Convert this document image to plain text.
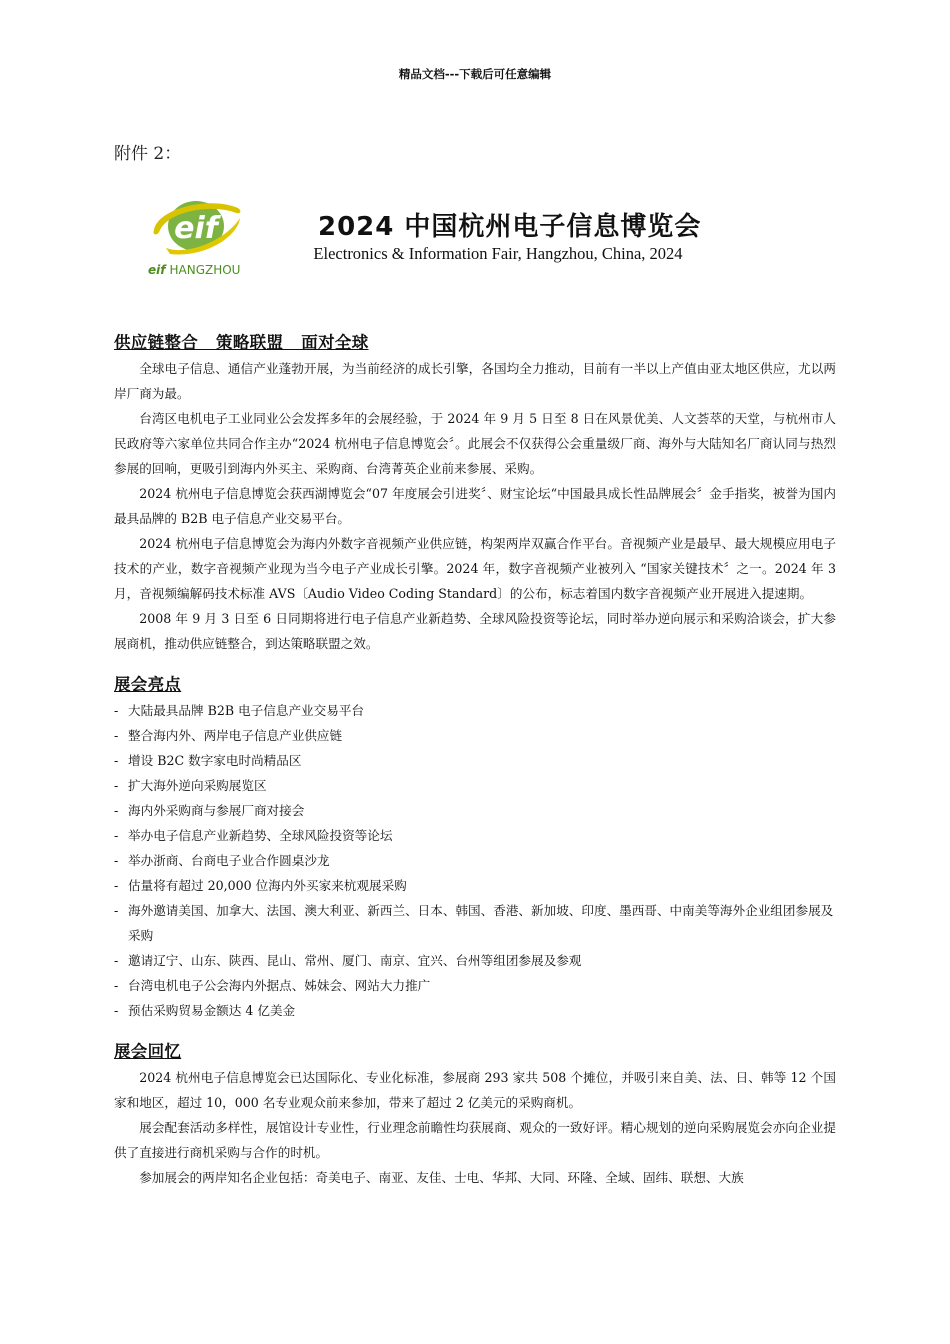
精品文档---下载后可任意编辑
附件 2：
eif
eif HANGZHOU
2024 中国杭州电子信息博览会
Electronics & Information Fair, Hangzhou, China, 2024
供应链整合 策略联盟 面对全球

全球电子信息、通信产业蓬勃开展，为当前经济的成长引擎，各国均全力推动，目前有一半以上产值由亚太地区供应，尤以两岸厂商为最。

台湾区电机电子工业同业公会发挥多年的会展经验，于 2024 年 9 月 5 日至 8 日在风景优美、人文荟萃的天堂，与杭州市人民政府等六家单位共同合作主办“2024 杭州电子信息博览会〞。此展会不仅获得公会重量级厂商、海外与大陆知名厂商认同与热烈参展的回响，更吸引到海内外买主、采购商、台湾菁英企业前来参展、采购。

2024 杭州电子信息博览会获西湖博览会“07 年度展会引进奖〞、财宝论坛“中国最具成长性品牌展会〞金手指奖，被誉为国内最具品牌的 B2B 电子信息产业交易平台。

2024 杭州电子信息博览会为海内外数字音视频产业供应链，构架两岸双赢合作平台。音视频产业是最早、最大规模应用电子技术的产业，数字音视频产业现为当今电子产业成长引擎。2024 年，数字音视频产业被列入 “国家关键技术〞之一。2024 年 3 月，音视频编解码技术标准 AVS〔Audio Video Coding Standard〕的公布，标志着国内数字音视频产业开展进入提速期。

2008 年 9 月 3 日至 6 日同期将进行电子信息产业新趋势、全球风险投资等论坛，同时举办逆向展示和采购洽谈会，扩大参展商机，推动供应链整合，到达策略联盟之效。

展会亮点
- 大陆最具品牌 B2B 电子信息产业交易平台
- 整合海内外、两岸电子信息产业供应链
- 增设 B2C 数字家电时尚精品区
- 扩大海外逆向采购展览区
- 海内外采购商与参展厂商对接会
- 举办电子信息产业新趋势、全球风险投资等论坛
- 举办浙商、台商电子业合作圆桌沙龙
- 估量将有超过 20,000 位海内外买家来杭观展采购
- 海外邀请美国、加拿大、法国、澳大利亚、新西兰、日本、韩国、香港、新加坡、印度、墨西哥、中南美等海外企业组团参展及采购
- 邀请辽宁、山东、陕西、昆山、常州、厦门、南京、宜兴、台州等组团参展及参观
- 台湾电机电子公会海内外据点、姊妹会、网站大力推广
- 预估采购贸易金额达 4 亿美金
展会回忆

2024 杭州电子信息博览会已达国际化、专业化标准，参展商 293 家共 508 个摊位，并吸引来自美、法、日、韩等 12 个国家和地区，超过 10，000 名专业观众前来参加，带来了超过 2 亿美元的采购商机。

展会配套活动多样性，展馆设计专业性，行业理念前瞻性均获展商、观众的一致好评。精心规划的逆向采购展览会亦向企业提供了直接进行商机采购与合作的时机。

参加展会的两岸知名企业包括：奇美电子、南亚、友佳、士电、华邦、大同、环隆、全域、固纬、联想、大族
